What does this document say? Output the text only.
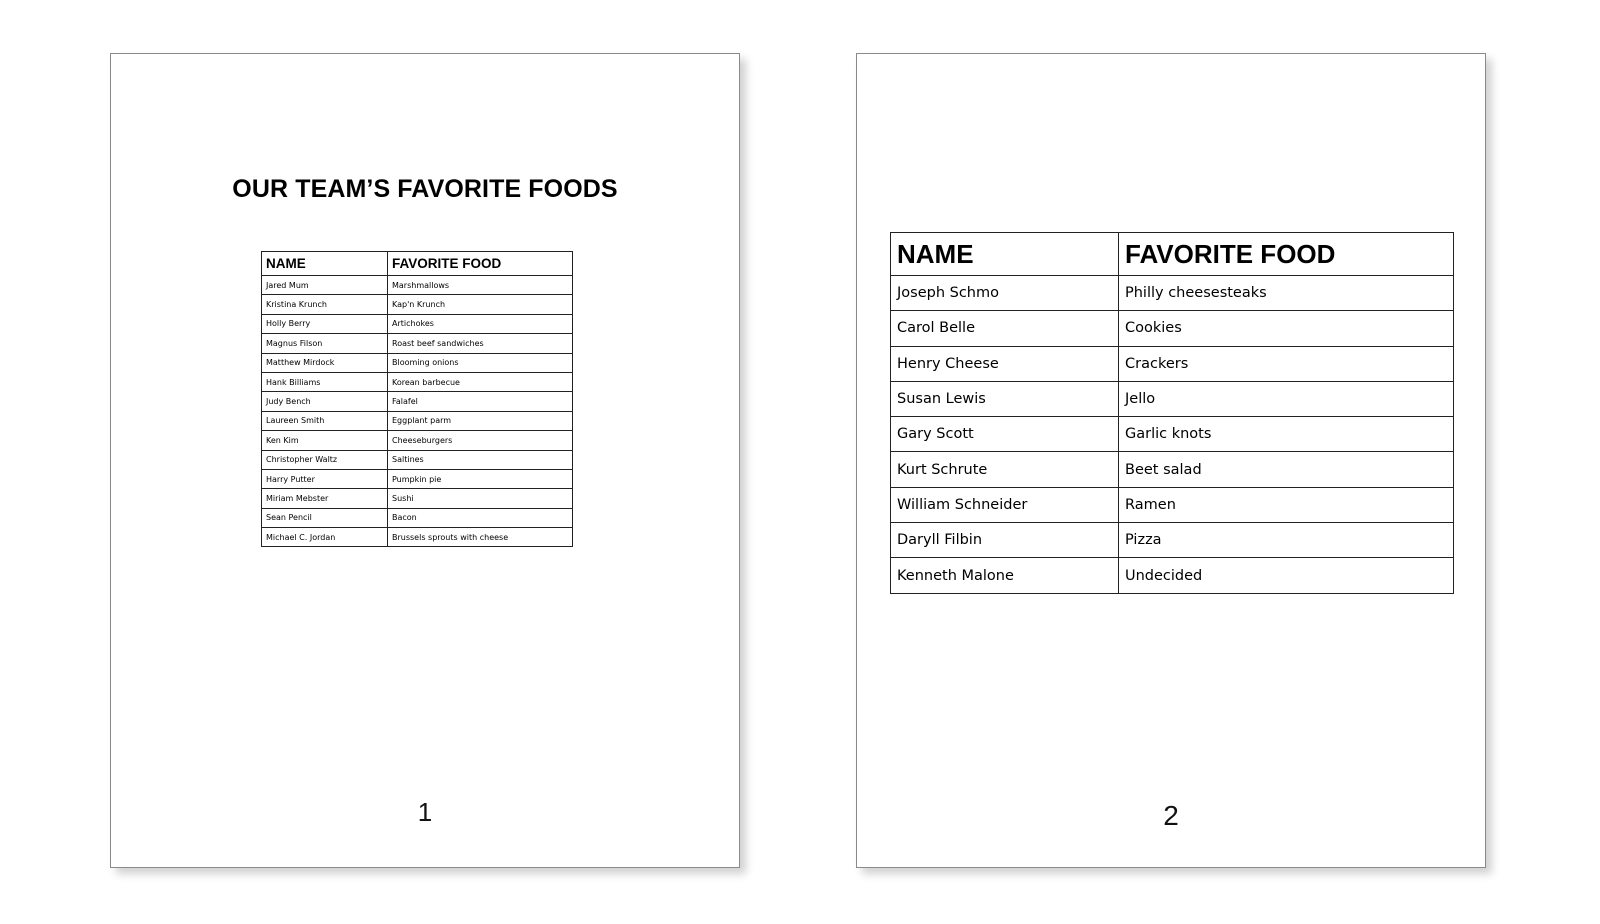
OUR TEAM’S FAVORITE FOODS
NAME	FAVORITE FOOD
Jared Mum	Marshmallows
Kristina Krunch	Kap'n Krunch
Holly Berry	Artichokes
Magnus Filson	Roast beef sandwiches
Matthew Mirdock	Blooming onions
Hank Billiams	Korean barbecue
Judy Bench	Falafel
Laureen Smith	Eggplant parm
Ken Kim	Cheeseburgers
Christopher Waltz	Saltines
Harry Putter	Pumpkin pie
Miriam Mebster	Sushi
Sean Pencil	Bacon
Michael C. Jordan	Brussels sprouts with cheese
1
NAME	FAVORITE FOOD
Joseph Schmo	Philly cheesesteaks
Carol Belle	Cookies
Henry Cheese	Crackers
Susan Lewis	Jello
Gary Scott	Garlic knots
Kurt Schrute	Beet salad
William Schneider	Ramen
Daryll Filbin	Pizza
Kenneth Malone	Undecided
2
